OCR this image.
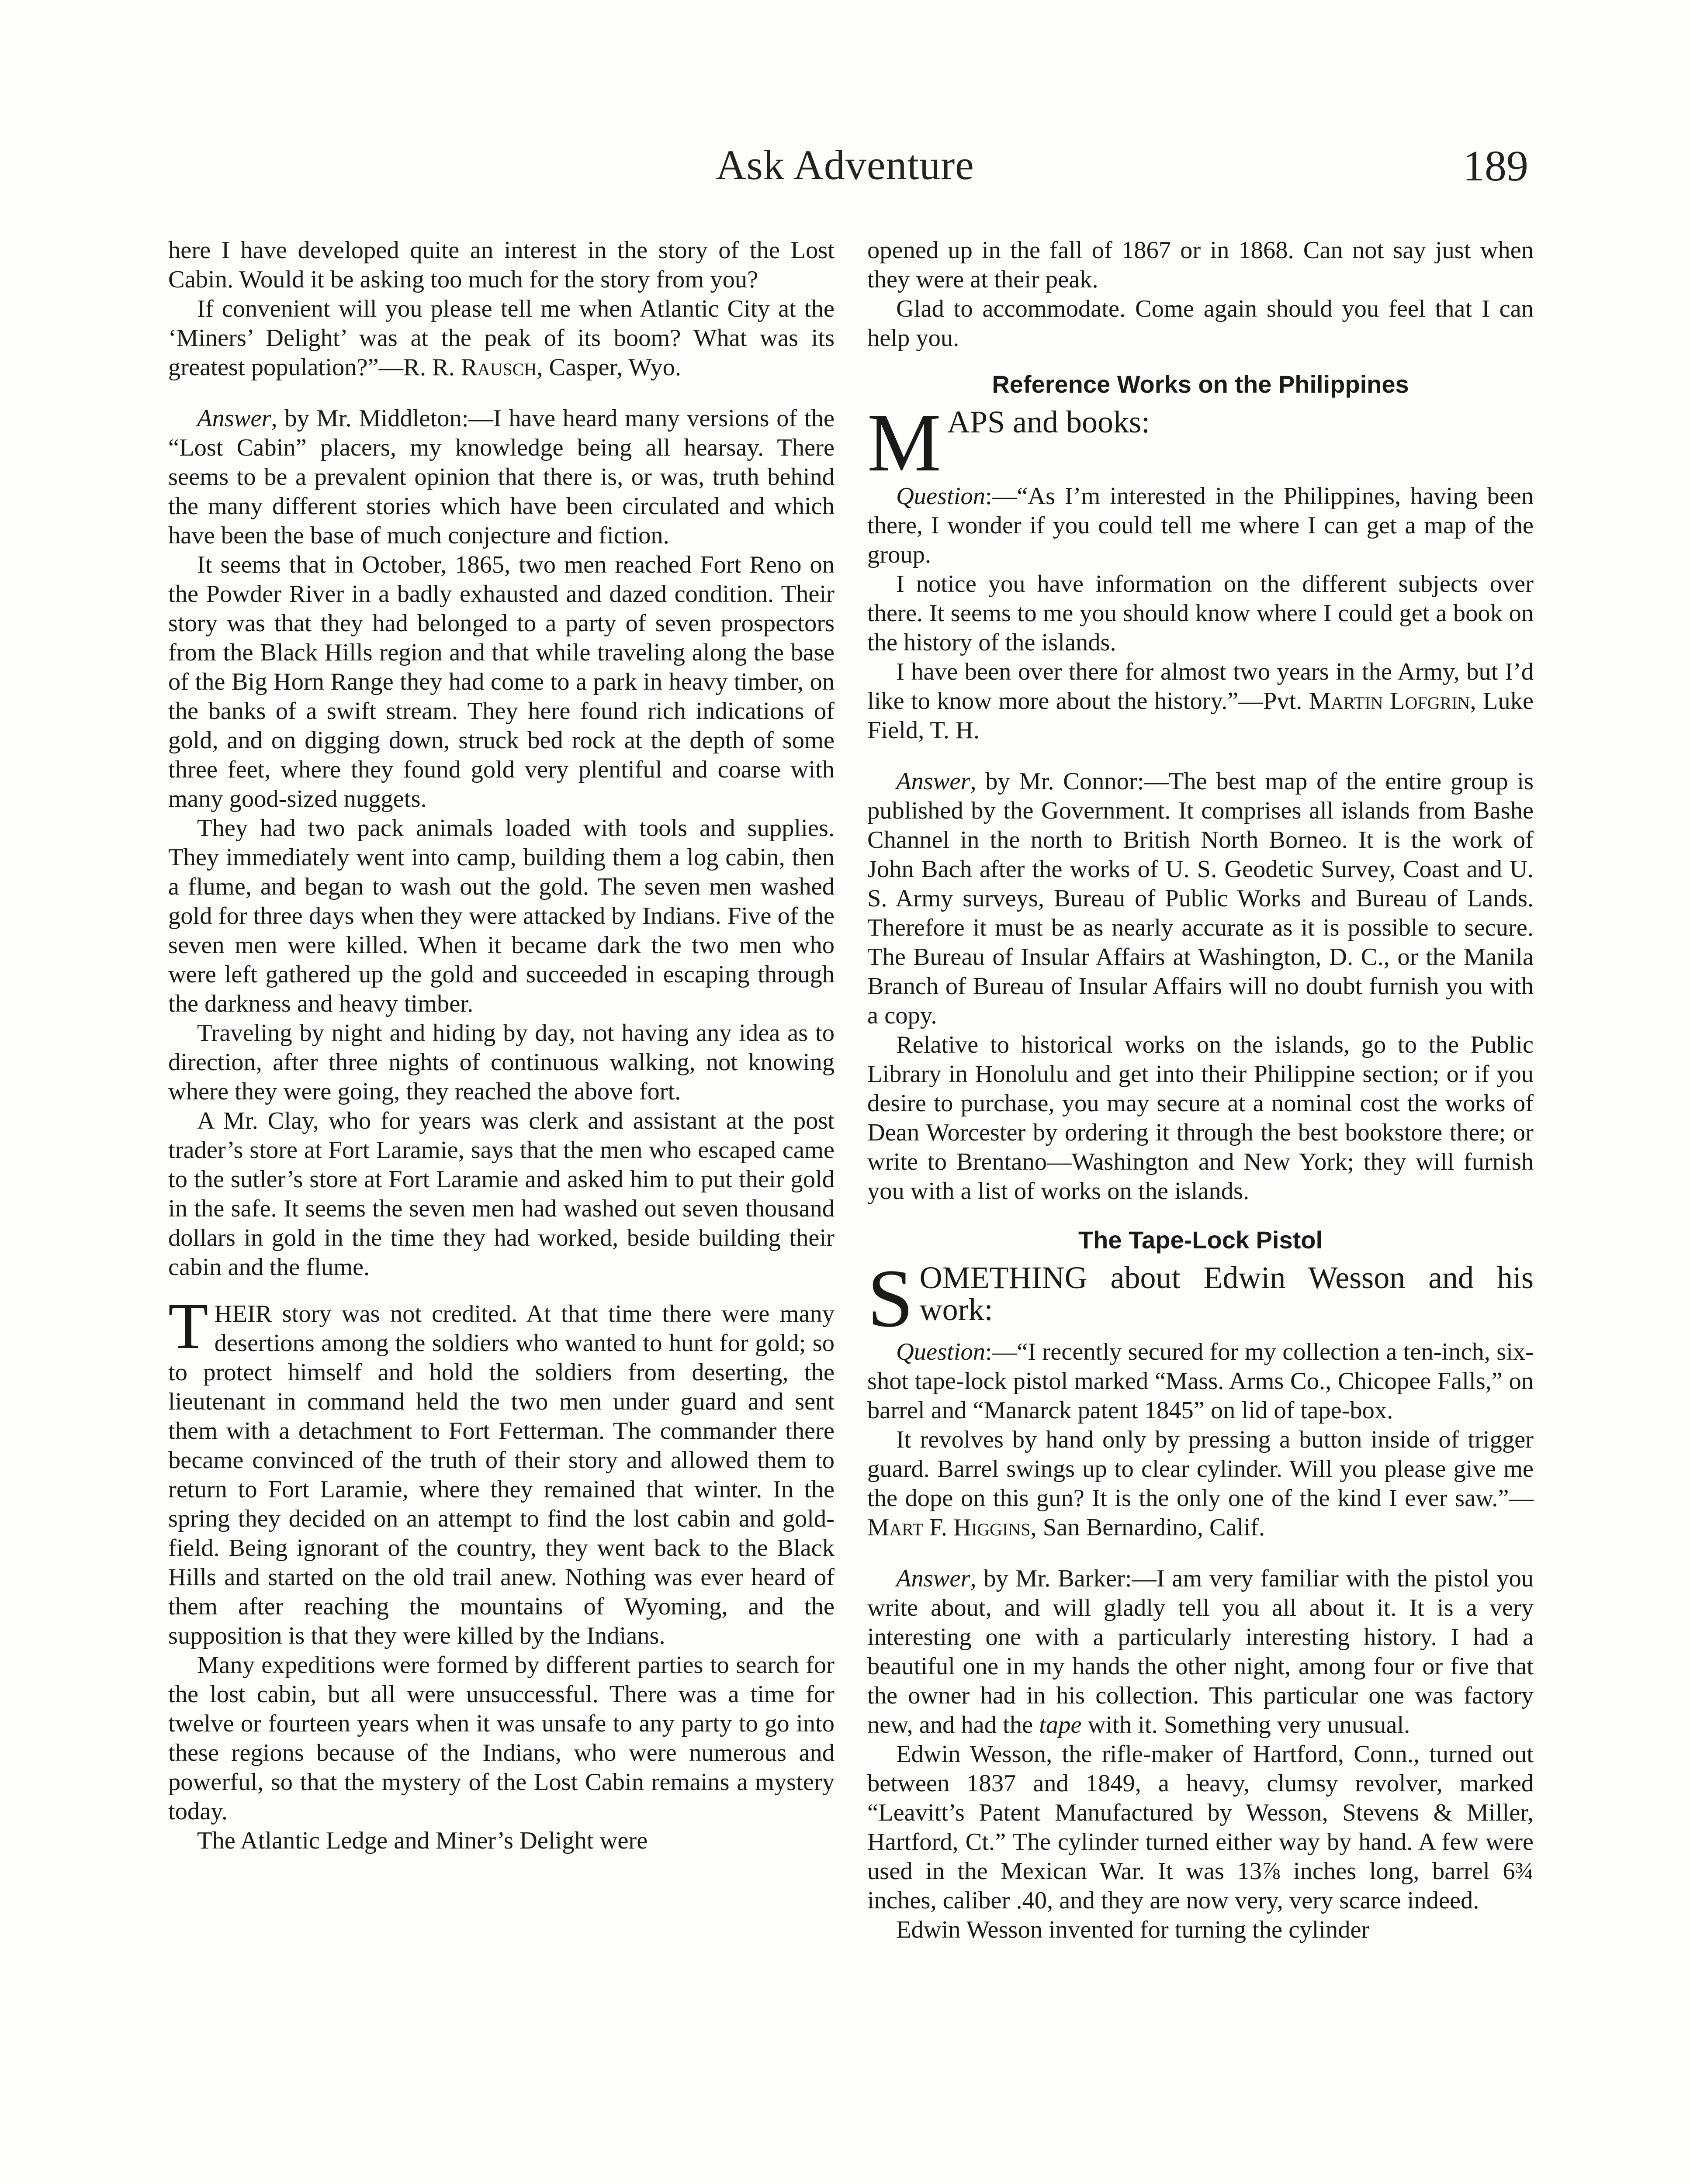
Ask Adventure	189

here I have developed quite an interest in the story of the Lost Cabin. Would it be asking too much for the story from you?

If convenient will you please tell me when Atlantic City at the ‘Miners’ Delight’ was at the peak of its boom? What was its greatest population?”—R. R. Rausch, Casper, Wyo.

Answer, by Mr. Middleton:—I have heard many versions of the “Lost Cabin” placers, my knowledge being all hearsay. There seems to be a prevalent opinion that there is, or was, truth behind the many different stories which have been circulated and which have been the base of much conjecture and fiction.

It seems that in October, 1865, two men reached Fort Reno on the Powder River in a badly exhausted and dazed condition. Their story was that they had belonged to a party of seven prospectors from the Black Hills region and that while traveling along the base of the Big Horn Range they had come to a park in heavy timber, on the banks of a swift stream. They here found rich indications of gold, and on digging down, struck bed rock at the depth of some three feet, where they found gold very plentiful and coarse with many good-sized nuggets.

They had two pack animals loaded with tools and supplies. They immediately went into camp, building them a log cabin, then a flume, and began to wash out the gold. The seven men washed gold for three days when they were attacked by Indians. Five of the seven men were killed. When it became dark the two men who were left gathered up the gold and succeeded in escaping through the darkness and heavy timber.

Traveling by night and hiding by day, not having any idea as to direction, after three nights of continuous walking, not knowing where they were going, they reached the above fort.

A Mr. Clay, who for years was clerk and assistant at the post trader’s store at Fort Laramie, says that the men who escaped came to the sutler’s store at Fort Laramie and asked him to put their gold in the safe. It seems the seven men had washed out seven thousand dollars in gold in the time they had worked, beside building their cabin and the flume.

THEIR story was not credited. At that time there were many desertions among the soldiers who wanted to hunt for gold; so to protect himself and hold the soldiers from deserting, the lieutenant in command held the two men under guard and sent them with a detachment to Fort Fetterman. The commander there became convinced of the truth of their story and allowed them to return to Fort Laramie, where they remained that winter. In the spring they decided on an attempt to find the lost cabin and gold-field. Being ignorant of the country, they went back to the Black Hills and started on the old trail anew. Nothing was ever heard of them after reaching the mountains of Wyoming, and the supposition is that they were killed by the Indians.

Many expeditions were formed by different parties to search for the lost cabin, but all were unsuccessful. There was a time for twelve or fourteen years when it was unsafe to any party to go into these regions because of the Indians, who were numerous and powerful, so that the mystery of the Lost Cabin remains a mystery today.

The Atlantic Ledge and Miner’s Delight were

opened up in the fall of 1867 or in 1868. Can not say just when they were at their peak.

Glad to accommodate. Come again should you feel that I can help you.

Reference Works on the Philippines

MAPS and books:

Question:—“As I’m interested in the Philippines, having been there, I wonder if you could tell me where I can get a map of the group.

I notice you have information on the different subjects over there. It seems to me you should know where I could get a book on the history of the islands.

I have been over there for almost two years in the Army, but I’d like to know more about the history.”—Pvt. Martin Lofgrin, Luke Field, T. H.

Answer, by Mr. Connor:—The best map of the entire group is published by the Government. It comprises all islands from Bashe Channel in the north to British North Borneo. It is the work of John Bach after the works of U. S. Geodetic Survey, Coast and U. S. Army surveys, Bureau of Public Works and Bureau of Lands. Therefore it must be as nearly accurate as it is possible to secure. The Bureau of Insular Affairs at Washington, D. C., or the Manila Branch of Bureau of Insular Affairs will no doubt furnish you with a copy.

Relative to historical works on the islands, go to the Public Library in Honolulu and get into their Philippine section; or if you desire to purchase, you may secure at a nominal cost the works of Dean Worcester by ordering it through the best bookstore there; or write to Brentano—Washington and New York; they will furnish you with a list of works on the islands.

The Tape-Lock Pistol

SOMETHING about Edwin Wesson and his work:

Question:—“I recently secured for my collection a ten-inch, six-shot tape-lock pistol marked “Mass. Arms Co., Chicopee Falls,” on barrel and “Manarck patent 1845” on lid of tape-box.

It revolves by hand only by pressing a button inside of trigger guard. Barrel swings up to clear cylinder. Will you please give me the dope on this gun? It is the only one of the kind I ever saw.”—Mart F. Higgins, San Bernardino, Calif.

Answer, by Mr. Barker:—I am very familiar with the pistol you write about, and will gladly tell you all about it. It is a very interesting one with a particularly interesting history. I had a beautiful one in my hands the other night, among four or five that the owner had in his collection. This particular one was factory new, and had the tape with it. Something very unusual.

Edwin Wesson, the rifle-maker of Hartford, Conn., turned out between 1837 and 1849, a heavy, clumsy revolver, marked “Leavitt’s Patent Manufactured by Wesson, Stevens & Miller, Hartford, Ct.” The cylinder turned either way by hand. A few were used in the Mexican War. It was 13⅞ inches long, barrel 6¾ inches, caliber .40, and they are now very, very scarce indeed.

Edwin Wesson invented for turning the cylinder
